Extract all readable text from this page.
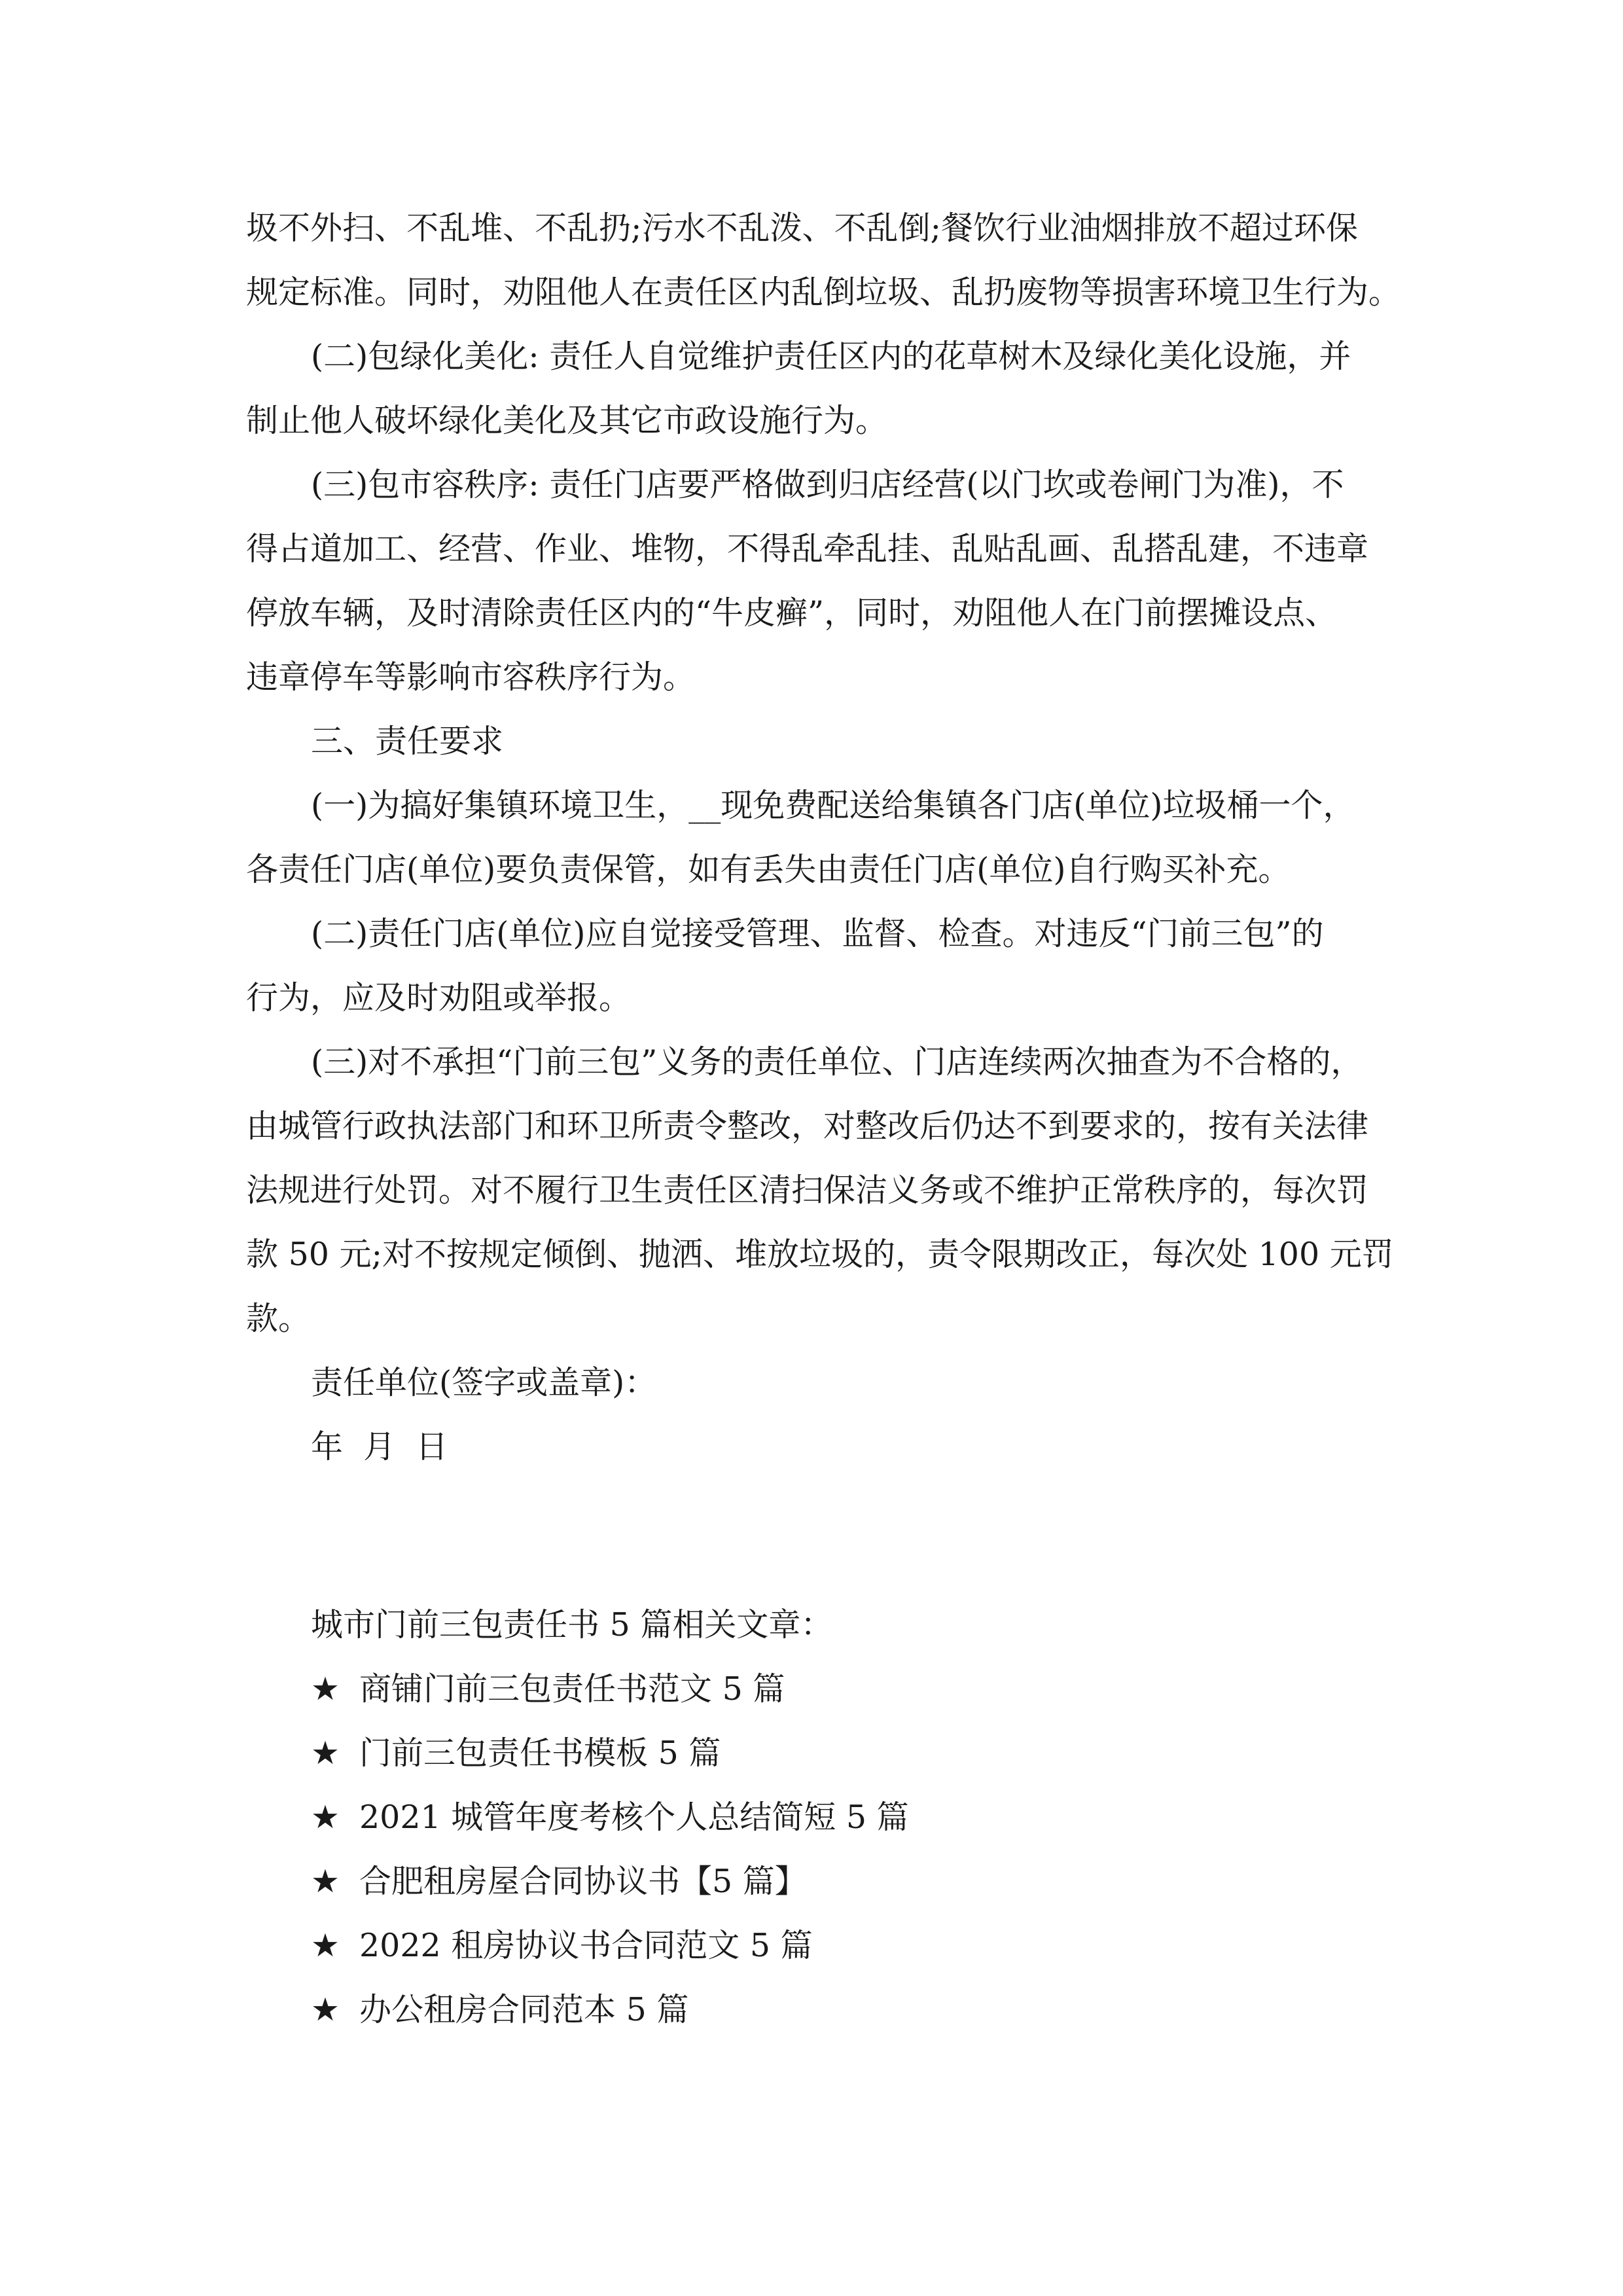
圾不外扫、不乱堆、不乱扔;污水不乱泼、不乱倒;餐饮行业油烟排放不超过环保
规定标准。同时，劝阻他人在责任区内乱倒垃圾、乱扔废物等损害环境卫生行为。
(二)包绿化美化: 责任人自觉维护责任区内的花草树木及绿化美化设施，并
制止他人破坏绿化美化及其它市政设施行为。
(三)包市容秩序: 责任门店要严格做到归店经营(以门坎或卷闸门为准)，不
得占道加工、经营、作业、堆物，不得乱牵乱挂、乱贴乱画、乱搭乱建，不违章
停放车辆，及时清除责任区内的“牛皮癣”，同时，劝阻他人在门前摆摊设点、
违章停车等影响市容秩序行为。
三、责任要求
(一)为搞好集镇环境卫生，__现免费配送给集镇各门店(单位)垃圾桶一个，
各责任门店(单位)要负责保管，如有丢失由责任门店(单位)自行购买补充。
(二)责任门店(单位)应自觉接受管理、监督、检查。对违反“门前三包”的
行为，应及时劝阻或举报。
(三)对不承担“门前三包”义务的责任单位、门店连续两次抽查为不合格的，
由城管行政执法部门和环卫所责令整改，对整改后仍达不到要求的，按有关法律
法规进行处罚。对不履行卫生责任区清扫保洁义务或不维护正常秩序的，每次罚
款 50 元;对不按规定倾倒、抛洒、堆放垃圾的，责令限期改正，每次处 100 元罚
款。
责任单位(签字或盖章)：
年  月  日
城市门前三包责任书 5 篇相关文章：
★ 商铺门前三包责任书范文 5 篇
★ 门前三包责任书模板 5 篇
★ 2021 城管年度考核个人总结简短 5 篇
★ 合肥租房屋合同协议书【5 篇】
★ 2022 租房协议书合同范文 5 篇
★ 办公租房合同范本 5 篇
